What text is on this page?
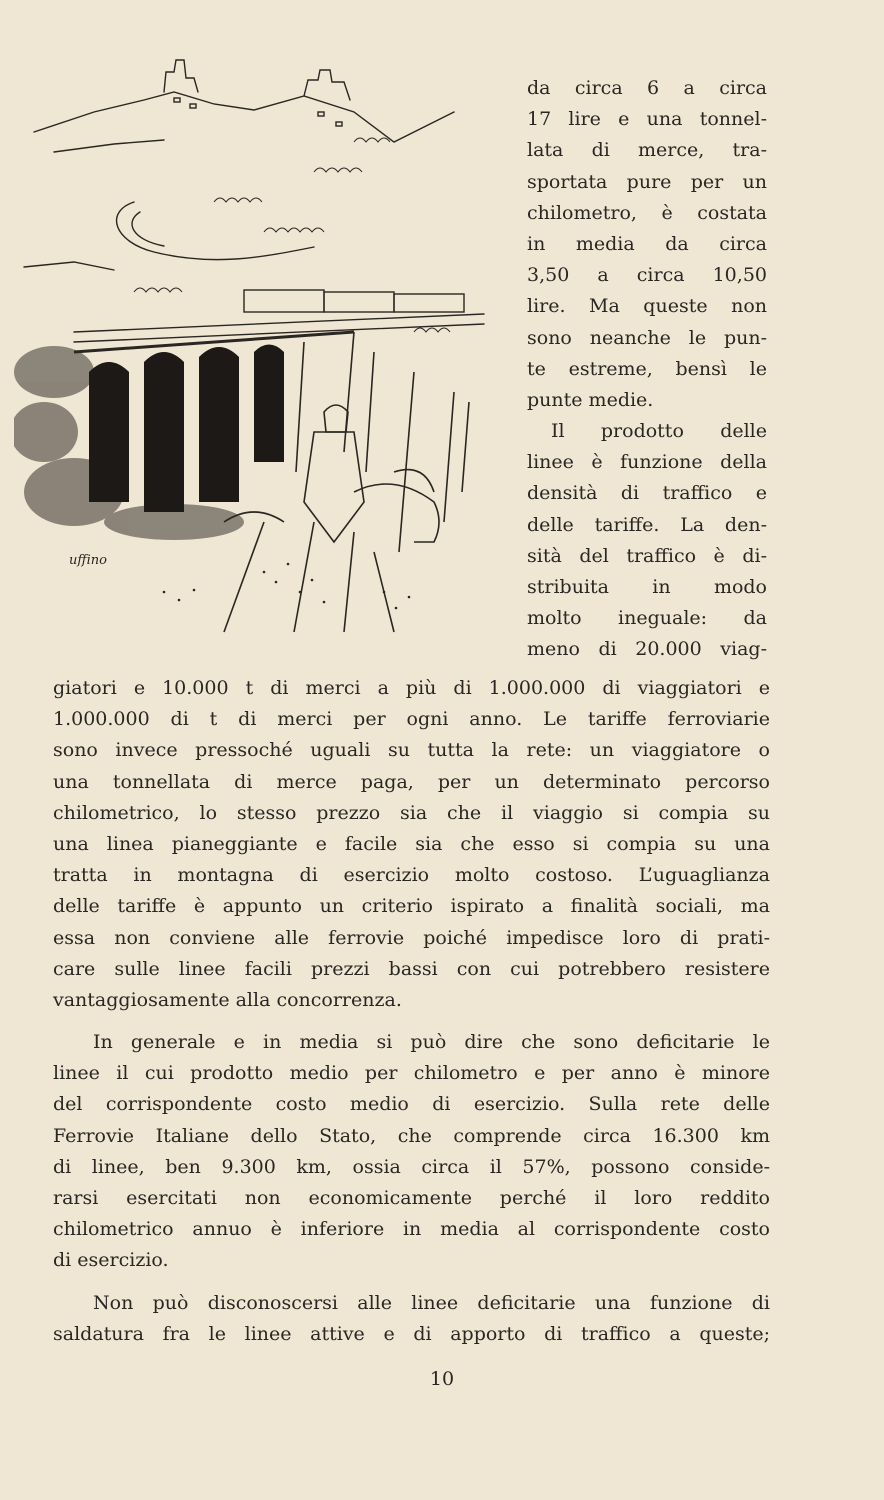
uffino
da circa 6 a circa
17 lire e una tonnel-
lata di merce, tra-
sportata pure per un
chilometro, è costata
in media da circa
3,50 a circa 10,50
lire. Ma queste non
sono neanche le pun-
te estreme, bensì le
punte medie.
Il prodotto delle
linee è funzione della
densità di traffico e
delle tariffe. La den-
sità del traffico è di-
stribuita in modo
molto ineguale: da
meno di 20.000 viag-
giatori e 10.000 t di merci a più di 1.000.000 di viaggiatori e
1.000.000 di t di merci per ogni anno. Le tariffe ferroviarie
sono invece pressoché uguali su tutta la rete: un viaggiatore o
una tonnellata di merce paga, per un determinato percorso
chilometrico, lo stesso prezzo sia che il viaggio si compia su
una linea pianeggiante e facile sia che esso si compia su una
tratta in montagna di esercizio molto costoso. L’uguaglianza
delle tariffe è appunto un criterio ispirato a finalità sociali, ma
essa non conviene alle ferrovie poiché impedisce loro di prati-
care sulle linee facili prezzi bassi con cui potrebbero resistere
vantaggiosamente alla concorrenza.
In generale e in media si può dire che sono deficitarie le
linee il cui prodotto medio per chilometro e per anno è minore
del corrispondente costo medio di esercizio. Sulla rete delle
Ferrovie Italiane dello Stato, che comprende circa 16.300 km
di linee, ben 9.300 km, ossia circa il 57%, possono conside-
rarsi esercitati non economicamente perché il loro reddito
chilometrico annuo è inferiore in media al corrispondente costo
di esercizio.
Non può disconoscersi alle linee deficitarie una funzione di
saldatura fra le linee attive e di apporto di traffico a queste;
10
